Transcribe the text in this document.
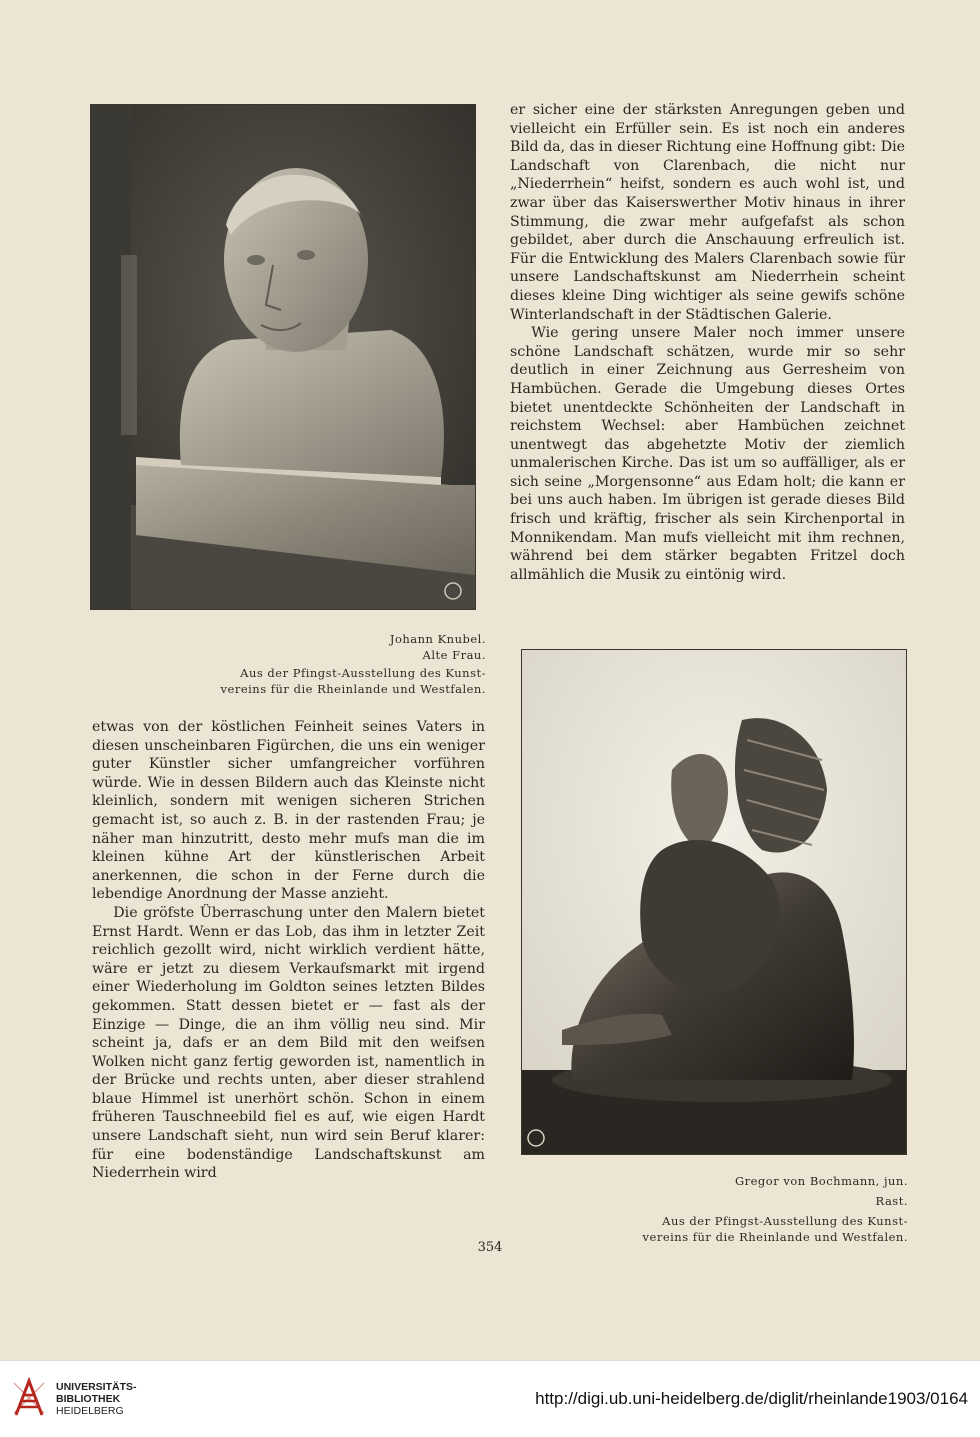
Johann Knubel.
Alte Frau.
Aus der Pfingst-Ausstellung des Kunst-
vereins für die Rheinlande und Westfalen.

er sicher eine der stärksten Anregungen geben und vielleicht ein Erfüller sein. Es ist noch ein anderes Bild da, das in dieser Richtung eine Hoffnung gibt: Die Landschaft von Clarenbach, die nicht nur „Niederrhein“ heifst, sondern es auch wohl ist, und zwar über das Kaiserswerther Motiv hinaus in ihrer Stimmung, die zwar mehr aufgefafst als schon gebildet, aber durch die Anschauung erfreulich ist. Für die Entwicklung des Malers Clarenbach sowie für unsere Landschaftskunst am Niederrhein scheint dieses kleine Ding wichtiger als seine gewifs schöne Winterlandschaft in der Städtischen Galerie.

Wie gering unsere Maler noch immer unsere schöne Landschaft schätzen, wurde mir so sehr deutlich in einer Zeichnung aus Gerresheim von Hambüchen. Gerade die Umgebung dieses Ortes bietet unentdeckte Schönheiten der Landschaft in reichstem Wechsel: aber Hambüchen zeichnet unentwegt das abgehetzte Motiv der ziemlich unmalerischen Kirche. Das ist um so auffälliger, als er sich seine „Morgensonne“ aus Edam holt; die kann er bei uns auch haben. Im übrigen ist gerade dieses Bild frisch und kräftig, frischer als sein Kirchenportal in Monnikendam. Man mufs vielleicht mit ihm rechnen, während bei dem stärker begabten Fritzel doch allmählich die Musik zu eintönig wird.

Gregor von Bochmann, jun.
Rast.
Aus der Pfingst-Ausstellung des Kunst-
vereins für die Rheinlande und Westfalen.

etwas von der köstlichen Feinheit seines Vaters in diesen unscheinbaren Figürchen, die uns ein weniger guter Künstler sicher umfangreicher vorführen würde. Wie in dessen Bildern auch das Kleinste nicht kleinlich, sondern mit wenigen sicheren Strichen gemacht ist, so auch z. B. in der rastenden Frau; je näher man hinzutritt, desto mehr mufs man die im kleinen kühne Art der künstlerischen Arbeit anerkennen, die schon in der Ferne durch die lebendige Anordnung der Masse anzieht.

Die gröfste Überraschung unter den Malern bietet Ernst Hardt. Wenn er das Lob, das ihm in letzter Zeit reichlich gezollt wird, nicht wirklich verdient hätte, wäre er jetzt zu diesem Verkaufsmarkt mit irgend einer Wiederholung im Goldton seines letzten Bildes gekommen. Statt dessen bietet er — fast als der Einzige — Dinge, die an ihm völlig neu sind. Mir scheint ja, dafs er an dem Bild mit den weifsen Wolken nicht ganz fertig geworden ist, namentlich in der Brücke und rechts unten, aber dieser strahlend blaue Himmel ist unerhört schön. Schon in einem früheren Tauschneebild fiel es auf, wie eigen Hardt unsere Landschaft sieht, nun wird sein Beruf klarer: für eine bodenständige Landschaftskunst am Niederrhein wird

354
UNIVERSITÄTS-
BIBLIOTHEK
HEIDELBERG
http://digi.ub.uni-heidelberg.de/diglit/rheinlande1903/0164
